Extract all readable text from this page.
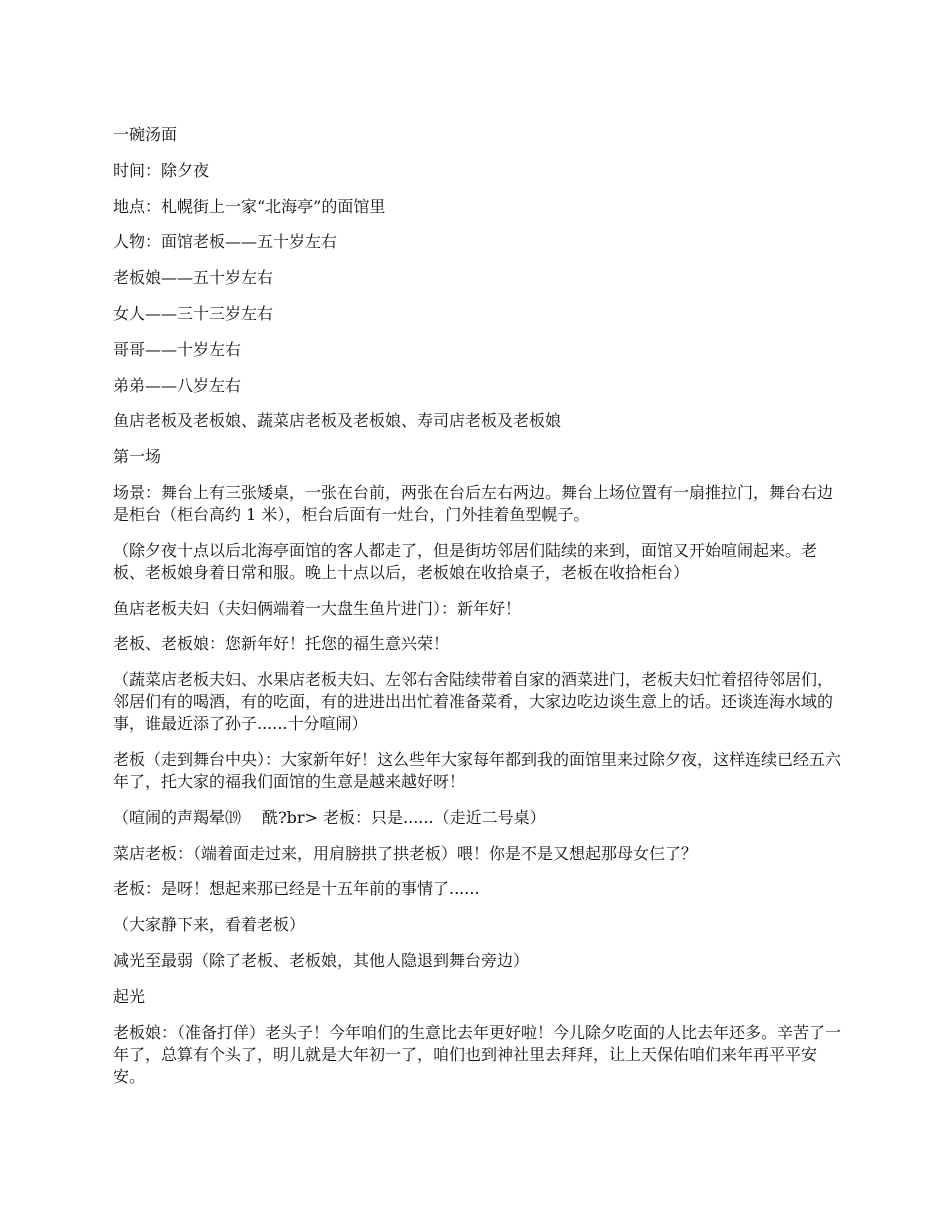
一碗汤面

时间：除夕夜

地点：札幌街上一家“北海亭”的面馆里

人物：面馆老板——五十岁左右

老板娘——五十岁左右

女人——三十三岁左右

哥哥——十岁左右

弟弟——八岁左右

鱼店老板及老板娘、蔬菜店老板及老板娘、寿司店老板及老板娘

第一场

场景：舞台上有三张矮桌，一张在台前，两张在台后左右两边。舞台上场位置有一扇推拉门，舞台右边是柜台（柜台高约 1 米），柜台后面有一灶台，门外挂着鱼型幌子。

（除夕夜十点以后北海亭面馆的客人都走了，但是街坊邻居们陆续的来到，面馆又开始喧闹起来。老板、老板娘身着日常和服。晚上十点以后，老板娘在收拾桌子，老板在收拾柜台）

鱼店老板夫妇（夫妇俩端着一大盘生鱼片进门）：新年好！

老板、老板娘：您新年好！托您的福生意兴荣！

（蔬菜店老板夫妇、水果店老板夫妇、左邻右舍陆续带着自家的酒菜进门，老板夫妇忙着招待邻居们，邻居们有的喝酒，有的吃面，有的进进出出忙着准备菜肴，大家边吃边谈生意上的话。还谈连海水域的事，谁最近添了孙子......十分喧闹）

老板（走到舞台中央）：大家新年好！这么些年大家每年都到我的面馆里来过除夕夜，这样连续已经五六年了，托大家的福我们面馆的生意是越来越好呀！

（喧闹的声羯晕⒆　 酰?br> 老板：只是......（走近二号桌）

菜店老板：（端着面走过来，用肩膀拱了拱老板）喂！你是不是又想起那母女仨了？

老板：是呀！想起来那已经是十五年前的事情了......

（大家静下来，看着老板）

减光至最弱（除了老板、老板娘，其他人隐退到舞台旁边）

起光

老板娘：（准备打佯）老头子！今年咱们的生意比去年更好啦！今儿除夕吃面的人比去年还多。辛苦了一年了，总算有个头了，明儿就是大年初一了，咱们也到神社里去拜拜，让上天保佑咱们来年再平平安安。
